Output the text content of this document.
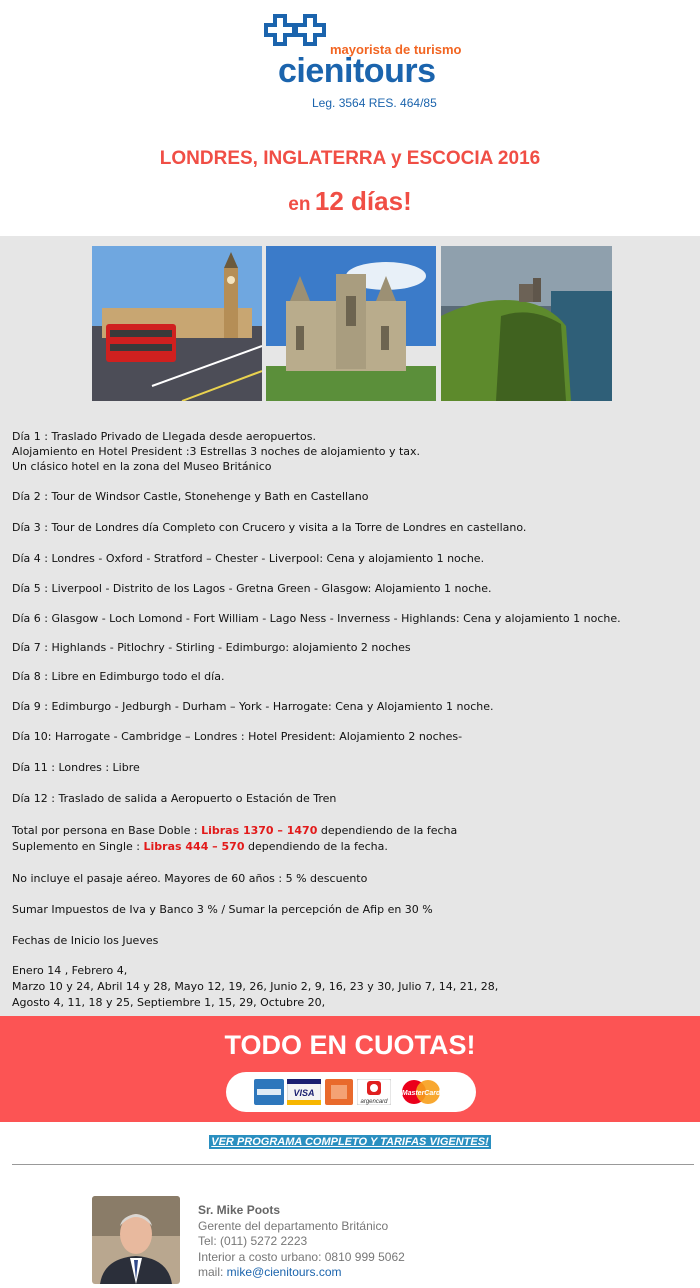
mayorista de turismo
cienitours
Leg. 3564 RES. 464/85
LONDRES, INGLATERRA y ESCOCIA 2016
en 12 días!
Día 1 : Traslado Privado de Llegada desde aeropuertos.
Alojamiento en Hotel President :3 Estrellas 3 noches de alojamiento y tax.
Un clásico hotel en la zona del Museo Británico
Día 2 : Tour de Windsor Castle, Stonehenge y Bath en Castellano
Día 3 : Tour de Londres día Completo con Crucero y visita a la Torre de Londres en castellano.
Día 4 : Londres - Oxford - Stratford – Chester - Liverpool: Cena y alojamiento 1 noche.
Día 5 : Liverpool - Distrito de los Lagos - Gretna Green - Glasgow: Alojamiento 1 noche.
Día 6 : Glasgow - Loch Lomond - Fort William - Lago Ness - Inverness - Highlands: Cena y alojamiento 1 noche.
Día 7 : Highlands - Pitlochry - Stirling - Edimburgo: alojamiento 2 noches
Día 8 : Libre en Edimburgo todo el día.
Día 9 : Edimburgo - Jedburgh - Durham – York - Harrogate: Cena y Alojamiento 1 noche.
Día 10: Harrogate - Cambridge – Londres : Hotel President: Alojamiento 2 noches-
Día 11 : Londres : Libre
Día 12 : Traslado de salida a Aeropuerto o Estación de Tren
Total por persona en Base Doble : Libras 1370 – 1470 dependiendo de la fecha
Suplemento en Single : Libras 444 – 570 dependiendo de la fecha.
No incluye el pasaje aéreo. Mayores de 60 años : 5 % descuento
Sumar Impuestos de Iva y Banco 3 % / Sumar la percepción de Afip en 30 %
Fechas de Inicio los Jueves
Enero 14 , Febrero 4,
Marzo 10 y 24, Abril 14 y 28, Mayo 12, 19, 26, Junio 2, 9, 16, 23 y 30, Julio 7, 14, 21, 28,
Agosto 4, 11, 18 y 25, Septiembre 1, 15, 29, Octubre 20,
TODO EN CUOTAS!
VISA
argencard
MasterCard
VER PROGRAMA COMPLETO Y TARIFAS VIGENTES!
Sr. Mike Poots
Gerente del departamento Británico
Tel: (011) 5272 2223
Interior a costo urbano: 0810 999 5062
mail: mike@cienitours.com
